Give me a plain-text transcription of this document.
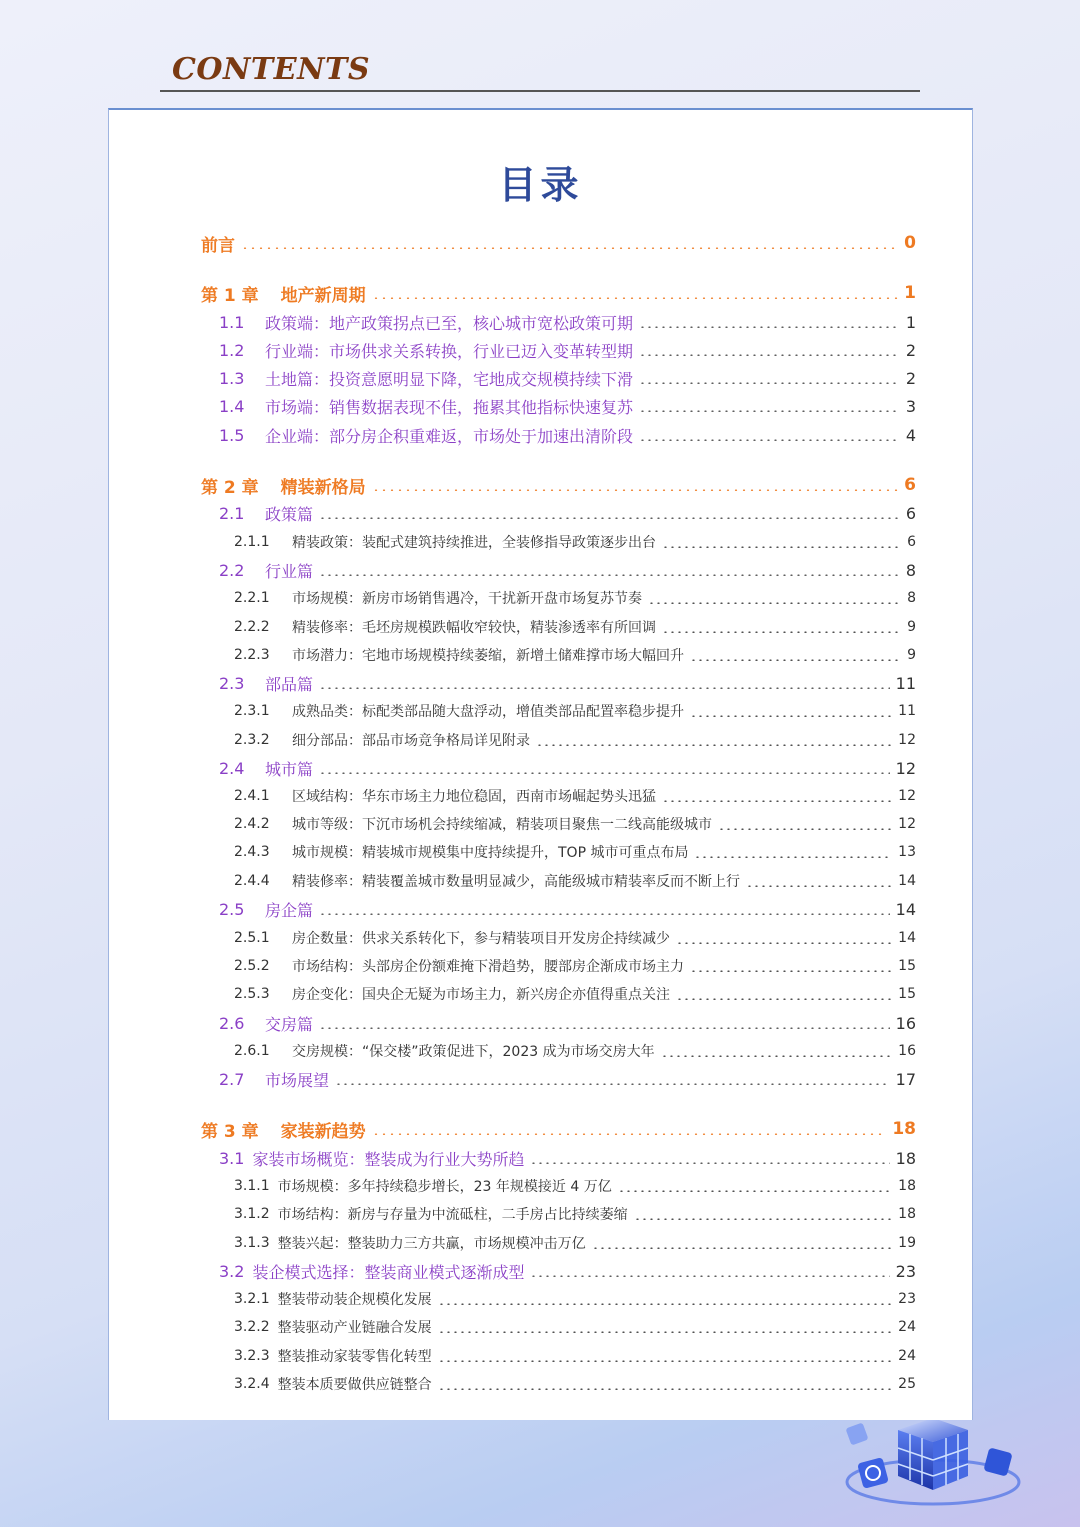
CONTENTS
目录
前言	0
第 1 章 地产新周期	1
1.1	政策端：地产政策拐点已至，核心城市宽松政策可期	1
1.2	行业端：市场供求关系转换，行业已迈入变革转型期	2
1.3	土地篇：投资意愿明显下降，宅地成交规模持续下滑	2
1.4	市场端：销售数据表现不佳，拖累其他指标快速复苏	3
1.5	企业端：部分房企积重难返，市场处于加速出清阶段	4
第 2 章 精装新格局	6
2.1	政策篇	6
2.1.1	精装政策：装配式建筑持续推进，全装修指导政策逐步出台	6
2.2	行业篇	8
2.2.1	市场规模：新房市场销售遇冷，干扰新开盘市场复苏节奏	8
2.2.2	精装修率：毛坯房规模跌幅收窄较快，精装渗透率有所回调	9
2.2.3	市场潜力：宅地市场规模持续萎缩，新增土储难撑市场大幅回升	9
2.3	部品篇	11
2.3.1	成熟品类：标配类部品随大盘浮动，增值类部品配置率稳步提升	11
2.3.2	细分部品：部品市场竞争格局详见附录	12
2.4	城市篇	12
2.4.1	区域结构：华东市场主力地位稳固，西南市场崛起势头迅猛	12
2.4.2	城市等级：下沉市场机会持续缩减，精装项目聚焦一二线高能级城市	12
2.4.3	城市规模：精装城市规模集中度持续提升，TOP 城市可重点布局	13
2.4.4	精装修率：精装覆盖城市数量明显减少，高能级城市精装率反而不断上行	14
2.5	房企篇	14
2.5.1	房企数量：供求关系转化下，参与精装项目开发房企持续减少	14
2.5.2	市场结构：头部房企份额难掩下滑趋势，腰部房企渐成市场主力	15
2.5.3	房企变化：国央企无疑为市场主力，新兴房企亦值得重点关注	15
2.6	交房篇	16
2.6.1	交房规模：“保交楼”政策促进下，2023 成为市场交房大年	16
2.7	市场展望	17
第 3 章 家装新趋势	18
3.1 家装市场概览：整装成为行业大势所趋	18
3.1.1 市场规模：多年持续稳步增长，23 年规模接近 4 万亿	18
3.1.2 市场结构：新房与存量为中流砥柱，二手房占比持续萎缩	18
3.1.3 整装兴起：整装助力三方共赢，市场规模冲击万亿	19
3.2 装企模式选择：整装商业模式逐渐成型	23
3.2.1 整装带动装企规模化发展	23
3.2.2 整装驱动产业链融合发展	24
3.2.3 整装推动家装零售化转型	24
3.2.4 整装本质要做供应链整合	25
